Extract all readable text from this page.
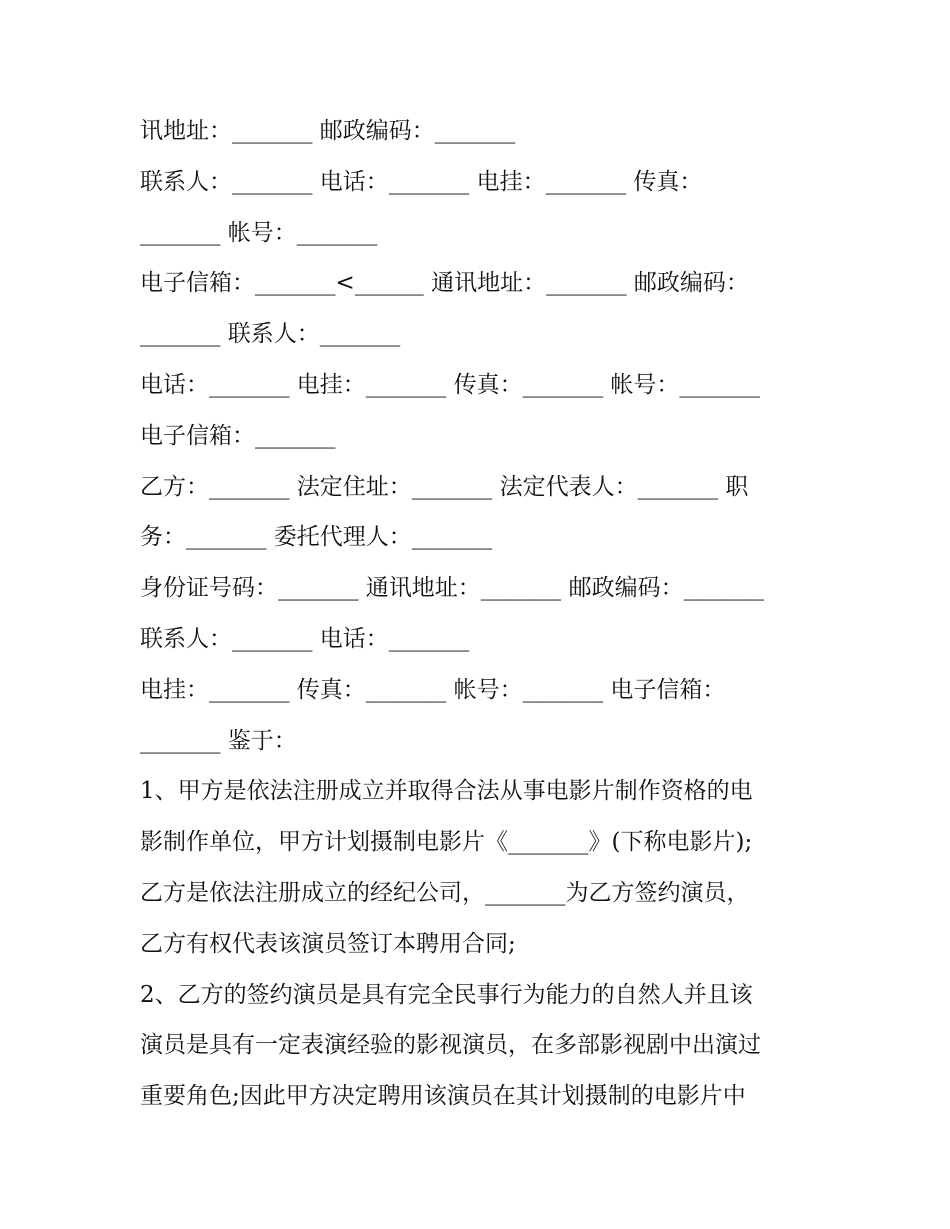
讯地址：_______ 邮政编码：_______
联系人：_______ 电话：_______ 电挂：_______ 传真：
_______ 帐号：_______
电子信箱：_______<______ 通讯地址：_______ 邮政编码：
_______ 联系人：_______
电话：_______ 电挂：_______ 传真：_______ 帐号：_______
电子信箱：_______
乙方：_______ 法定住址：_______ 法定代表人：_______ 职
务：_______ 委托代理人：_______
身份证号码：_______ 通讯地址：_______ 邮政编码：_______
联系人：_______ 电话：_______
电挂：_______ 传真：_______ 帐号：_______ 电子信箱：
_______ 鉴于：
1、甲方是依法注册成立并取得合法从事电影片制作资格的电
影制作单位，甲方计划摄制电影片《_______》(下称电影片);
乙方是依法注册成立的经纪公司，_______为乙方签约演员，
乙方有权代表该演员签订本聘用合同;
2、乙方的签约演员是具有完全民事行为能力的自然人并且该
演员是具有一定表演经验的影视演员，在多部影视剧中出演过
重要角色;因此甲方决定聘用该演员在其计划摄制的电影片中
